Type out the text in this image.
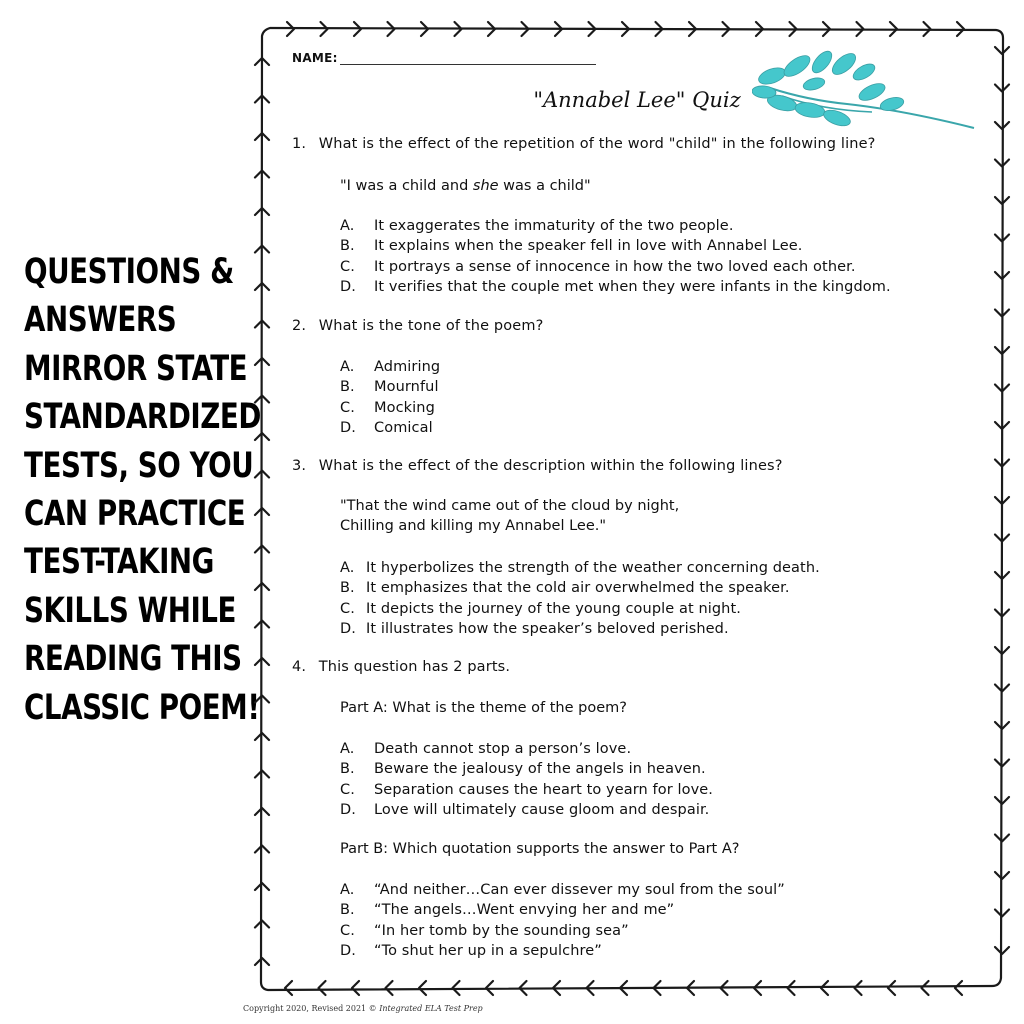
QUESTIONS &
ANSWERS
MIRROR STATE
STANDARDIZED
TESTS, SO YOU
CAN PRACTICE
TEST-TAKING
SKILLS WHILE
READING THIS
CLASSIC POEM!
NAME:
"Annabel Lee" Quiz
1. What is the effect of the repetition of the word "child" in the following line?
"I was a child and she was a child"
A. It exaggerates the immaturity of the two people.
B. It explains when the speaker fell in love with Annabel Lee.
C. It portrays a sense of innocence in how the two loved each other.
D. It verifies that the couple met when they were infants in the kingdom.
2. What is the tone of the poem?
A. Admiring
B. Mournful
C. Mocking
D. Comical
3. What is the effect of the description within the following lines?
"That the wind came out of the cloud by night,
Chilling and killing my Annabel Lee."
A. It hyperbolizes the strength of the weather concerning death.
B. It emphasizes that the cold air overwhelmed the speaker.
C. It depicts the journey of the young couple at night.
D. It illustrates how the speaker’s beloved perished.
4. This question has 2 parts.
Part A: What is the theme of the poem?
A. Death cannot stop a person’s love.
B. Beware the jealousy of the angels in heaven.
C. Separation causes the heart to yearn for love.
D. Love will ultimately cause gloom and despair.
Part B: Which quotation supports the answer to Part A?
A. “And neither…Can ever dissever my soul from the soul”
B. “The angels…Went envying her and me”
C. “In her tomb by the sounding sea”
D. “To shut her up in a sepulchre”
Copyright 2020, Revised 2021 © Integrated ELA Test Prep
